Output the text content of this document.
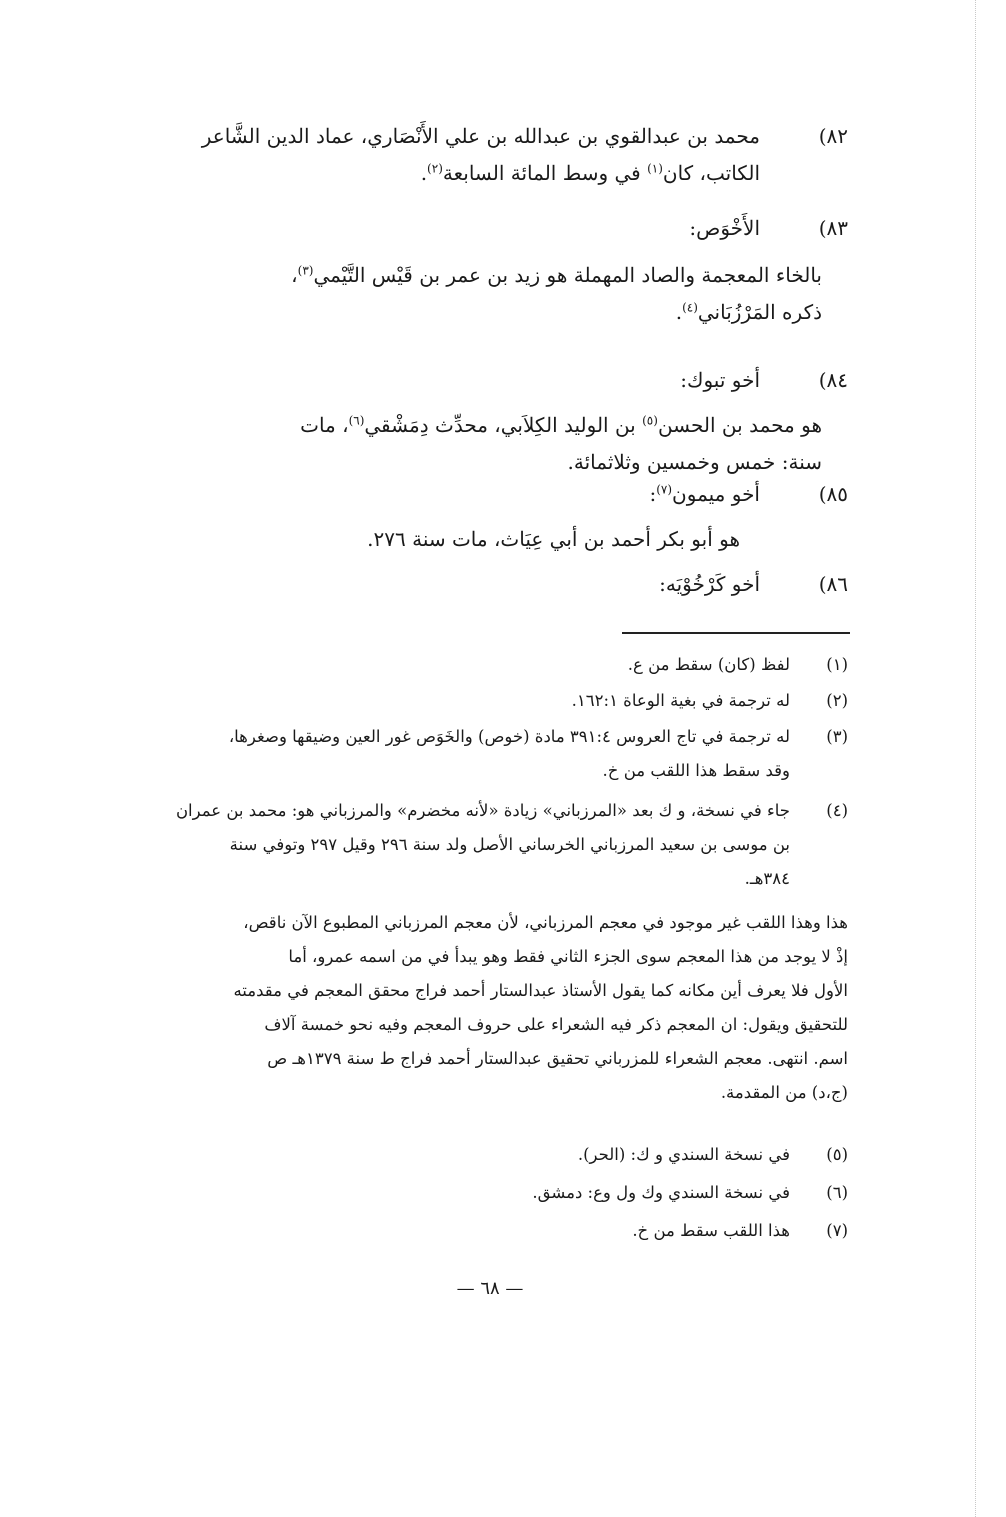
٨٢)
محمد بن عبدالقوي بن عبدالله بن علي الأَنْصَاري، عماد الدين الشَّاعر
الكاتب، كان$^{(١)}$ في وسط المائة السابعة$^{(٢)}$.
٨٣)
الأَخْوَص:
بالخاء المعجمة والصاد المهملة هو زيد بن عمر بن قَيْس التَّيْمي$^{(٣)}$،
ذكره المَرْزُبَاني$^{(٤)}$.
٨٤)
أخو تبوك:
هو محمد بن الحسن$^{(٥)}$ بن الوليد الكِلاَبي، محدِّث دِمَشْقي$^{(٦)}$، مات
سنة: خمس وخمسين وثلاثمائة.
٨٥)
أخو ميمون$^{(٧)}$:
هو أبو بكر أحمد بن أبي عِيَاث، مات سنة ٢٧٦.
٨٦)
أخو كَرْخُوْيَه:
(١)
لفظ (كان) سقط من ع.
(٢)
له ترجمة في بغية الوعاة ١٦٢:١.
(٣)
له ترجمة في تاج العروس ٣٩١:٤ مادة (خوص) والخَوَص غور العين وضيقها وصغرها،
وقد سقط هذا اللقب من خ.
(٤)
جاء في نسخة، و ك بعد «المرزباني» زيادة «لأنه مخضرم» والمرزباني هو: محمد بن عمران
بن موسى بن سعيد المرزباني الخرساني الأصل ولد سنة ٢٩٦ وقيل ٢٩٧ وتوفي سنة
٣٨٤هـ.
هذا وهذا اللقب غير موجود في معجم المرزباني، لأن معجم المرزباني المطبوع الآن ناقص،
إذْ لا يوجد من هذا المعجم سوى الجزء الثاني فقط وهو يبدأ في من اسمه عمرو، أما
الأول فلا يعرف أين مكانه كما يقول الأستاذ عبدالستار أحمد فراج محقق المعجم في مقدمته
للتحقيق ويقول: ان المعجم ذكر فيه الشعراء على حروف المعجم وفيه نحو خمسة آلاف
اسم. انتهى. معجم الشعراء للمزرباني تحقيق عبدالستار أحمد فراج ط سنة ١٣٧٩هـ ص
(ج،د) من المقدمة.
(٥)
في نسخة السندي و ك: (الحر).
(٦)
في نسخة السندي وك ول وع: دمشق.
(٧)
هذا اللقب سقط من خ.
— ٦٨ —
